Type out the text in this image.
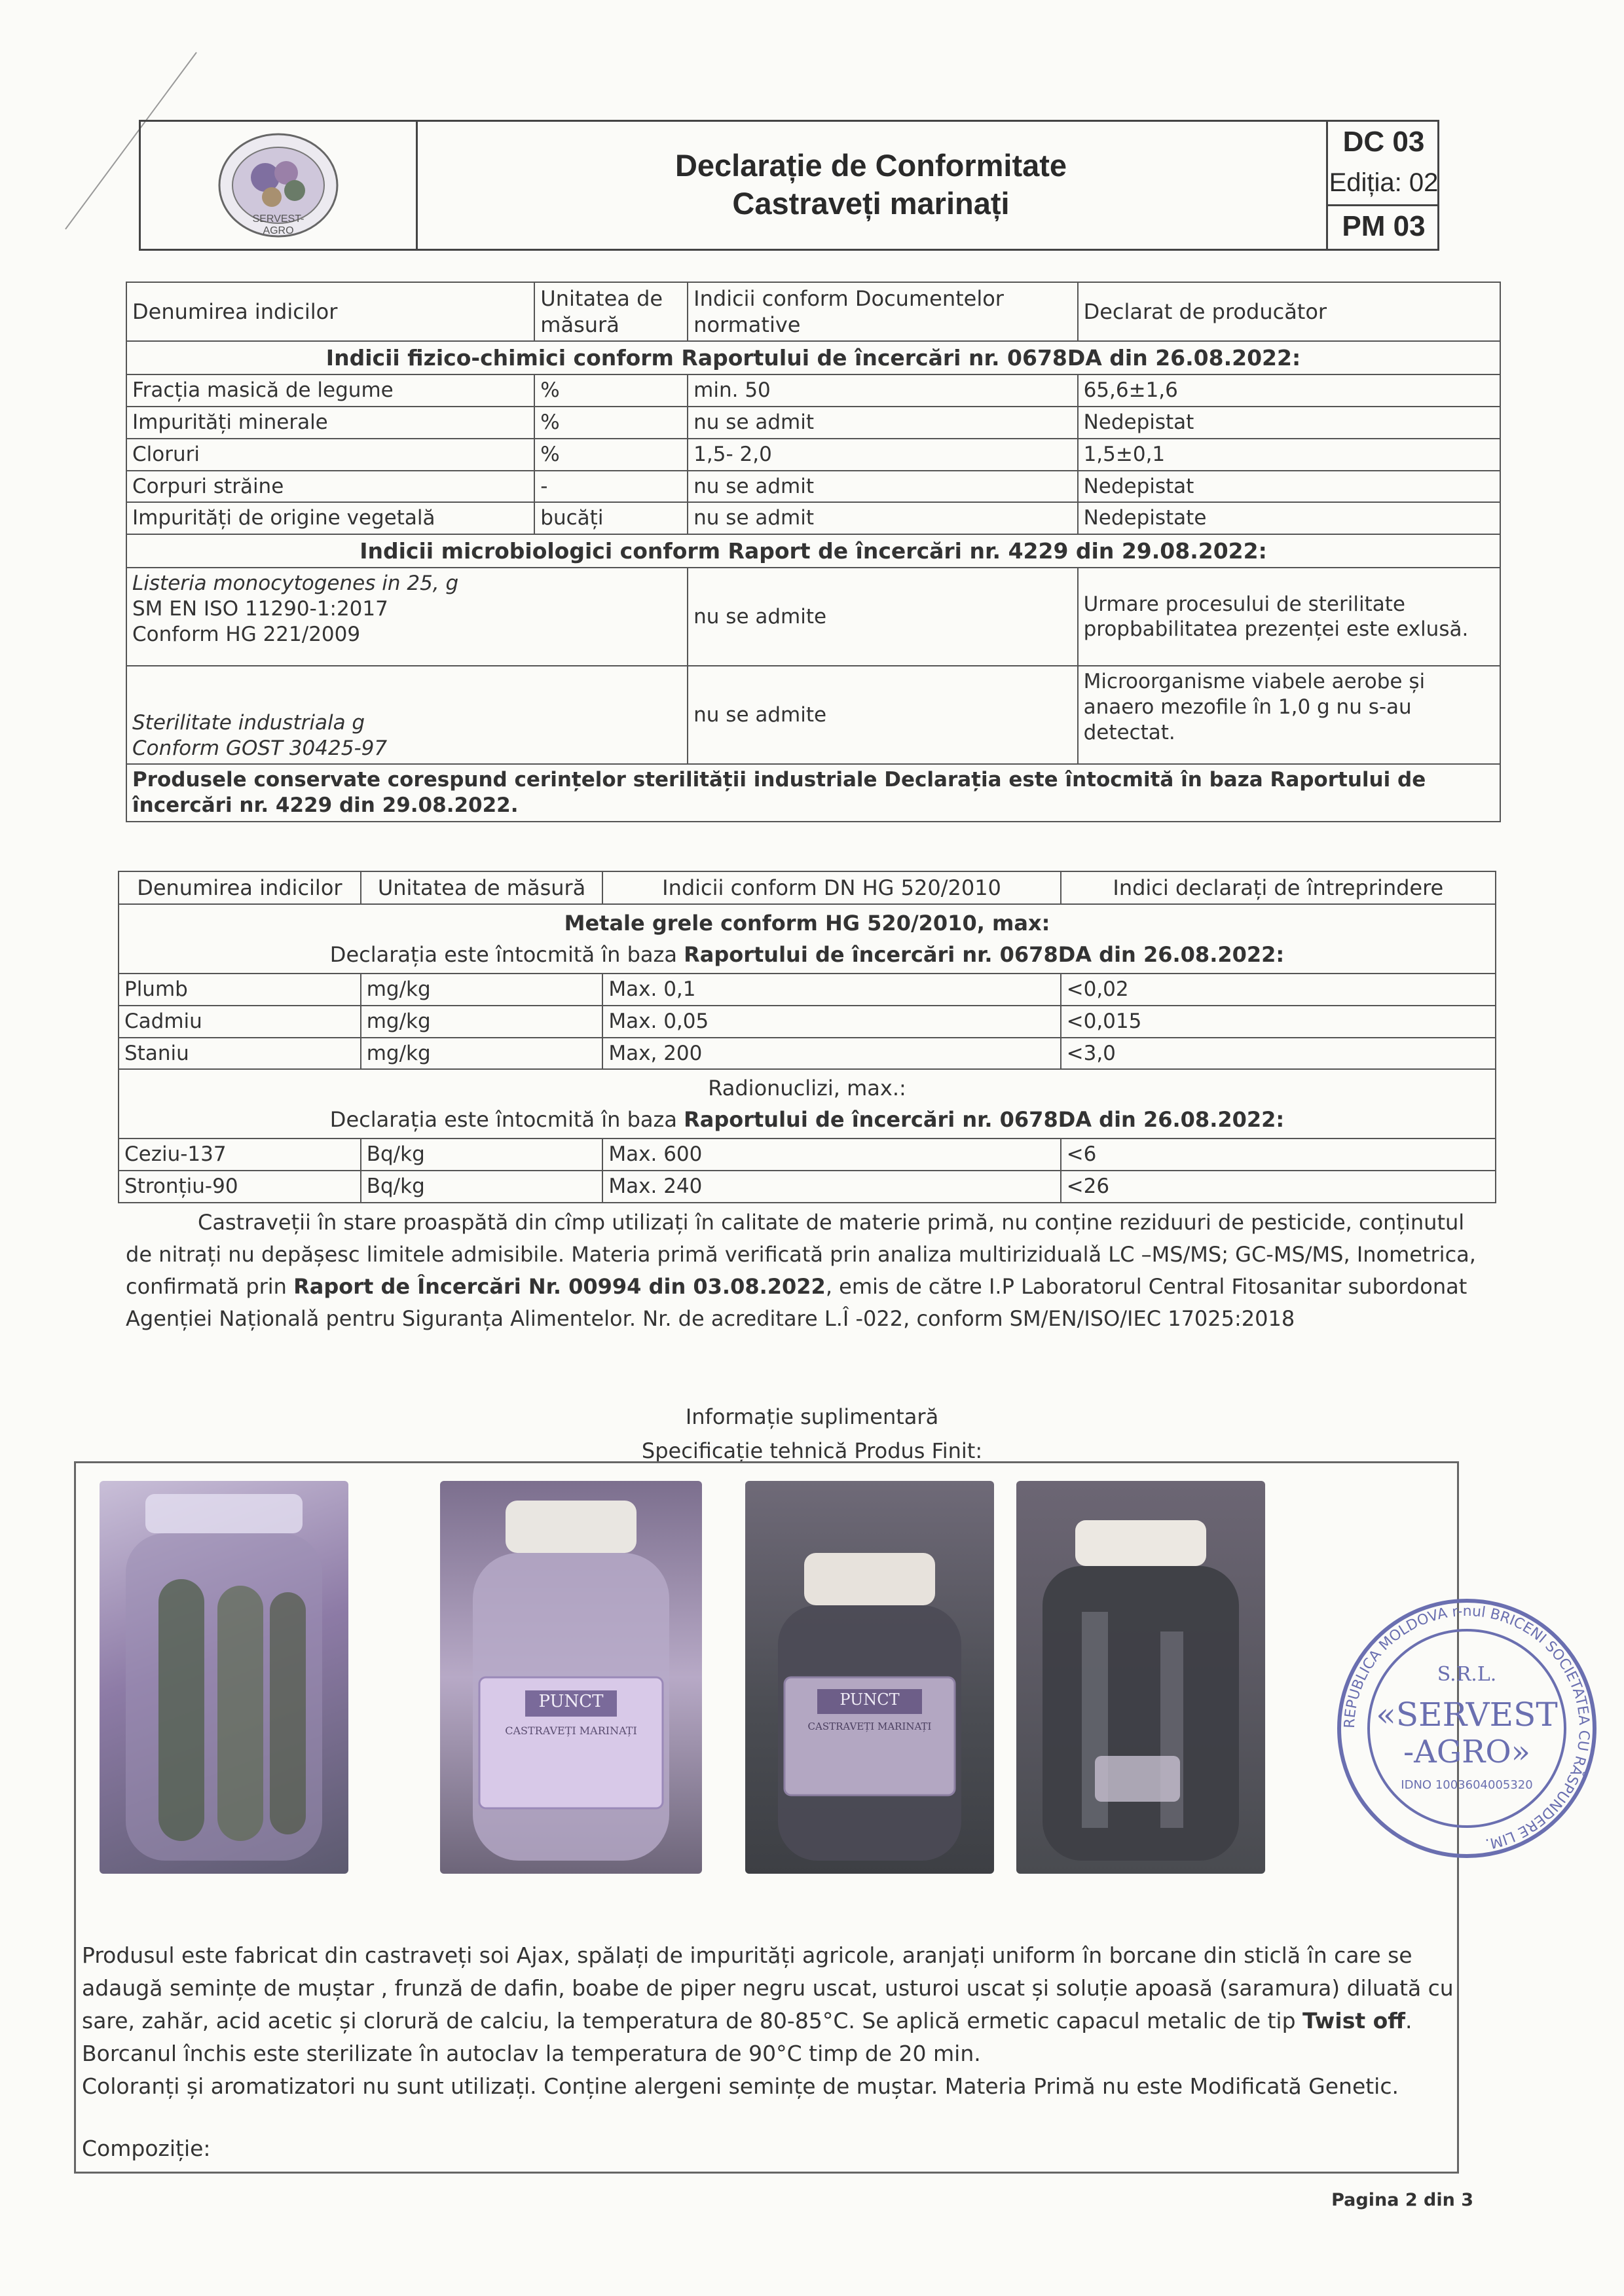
SERVEST-AGRO
Declarație de Conformitate
Castraveți marinați
DC 03
Ediția: 02
PM 03
Denumirea indicilor	Unitatea de măsură	Indicii conform Documentelor normative	Declarat de producător
Indicii fizico-chimici conform Raportului de încercări nr. 0678DA din 26.08.2022:			
Fracția masică de legume	%	min. 50	65,6±1,6
Impurități minerale	%	nu se admit	Nedepistat
Cloruri	%	1,5- 2,0	1,5±0,1
Corpuri străine	-	nu se admit	Nedepistat
Impurități de origine vegetală	bucăți	nu se admit	Nedepistate
Indicii microbiologici conform Raport de încercări nr. 4229 din 29.08.2022:			

Listeria monocytogenes in 25, g
SM EN ISO 11290-1:2017
Conform HG 221/2009		nu se admite	Urmare procesului de sterilitate propbabilitatea prezenței este exlusă.

Sterilitate industriala g
Conform GOST 30425-97		nu se admite	Microorganisme viabele aerobe și anaero mezofile în 1,0 g nu s-au detectat.
Produsele conservate corespund cerințelor sterilității industriale Declarația este întocmită în baza Raportului de încercări nr. 4229 din 29.08.2022.			
Denumirea indicilor	Unitatea de măsură	Indicii conform DN HG 520/2010	Indici declarați de întreprindere

Metale grele conform HG 520/2010, max:
Declarația este întocmită în baza Raportului de încercări nr. 0678DA din 26.08.2022:			

Plumb	mg/kg	Max. 0,1	<0,02
Cadmiu	mg/kg	Max. 0,05	<0,015
Staniu	mg/kg	Max, 200	<3,0

Radionuclizi, max.:
Declarația este întocmită în baza Raportului de încercări nr. 0678DA din 26.08.2022:			

Ceziu-137	Bq/kg	Max. 600	<6
Stronțiu-90	Bq/kg	Max. 240	<26
Castraveții în stare proaspătă din cîmp utilizați în calitate de materie primă, nu conține reziduuri de pesticide, conținutul de nitrați nu depășesc limitele admisibile. Materia primă verificată prin analiza multirizidualǎ LC –MS/MS; GC-MS/MS, Inometrica, confirmată prin Raport de Încercări Nr. 00994 din 03.08.2022, emis de către I.P Laboratorul Central Fitosanitar subordonat Agenției Naționalǎ pentru Siguranța Alimentelor. Nr. de acreditare L.Î -022, conform SM/EN/ISO/IEC 17025:2018
Informație suplimentară
Specificație tehnică Produs Finit:
PUNCT
CASTRAVEȚI MARINAȚI
PUNCT
CASTRAVEȚI MARINAȚI	REPUBLICA MOLDOVA r-nul BRICENI SOCIETATEA CU RĂSPUNDERE LIM.
S.R.L.
«SERVEST
-AGRO»
IDNO 1003604005320
Produsul este fabricat din castraveți soi Ajax, spălați de impurități agricole, aranjați uniform în borcane din sticlă în care se adaugă semințe de muștar , frunză de dafin, boabe de piper negru uscat, usturoi uscat și soluție apoasă (saramura) diluată cu sare, zahăr, acid acetic și clorură de calciu, la temperatura de 80-85°C. Se aplică ermetic capacul metalic de tip Twist off. Borcanul închis este sterilizate în autoclav la temperatura de 90°C timp de 20 min.
Coloranți și aromatizatori nu sunt utilizați. Conține alergeni semințe de muștar. Materia Primă nu este Modificată Genetic.
Compoziție:
Pagina 2 din 3
